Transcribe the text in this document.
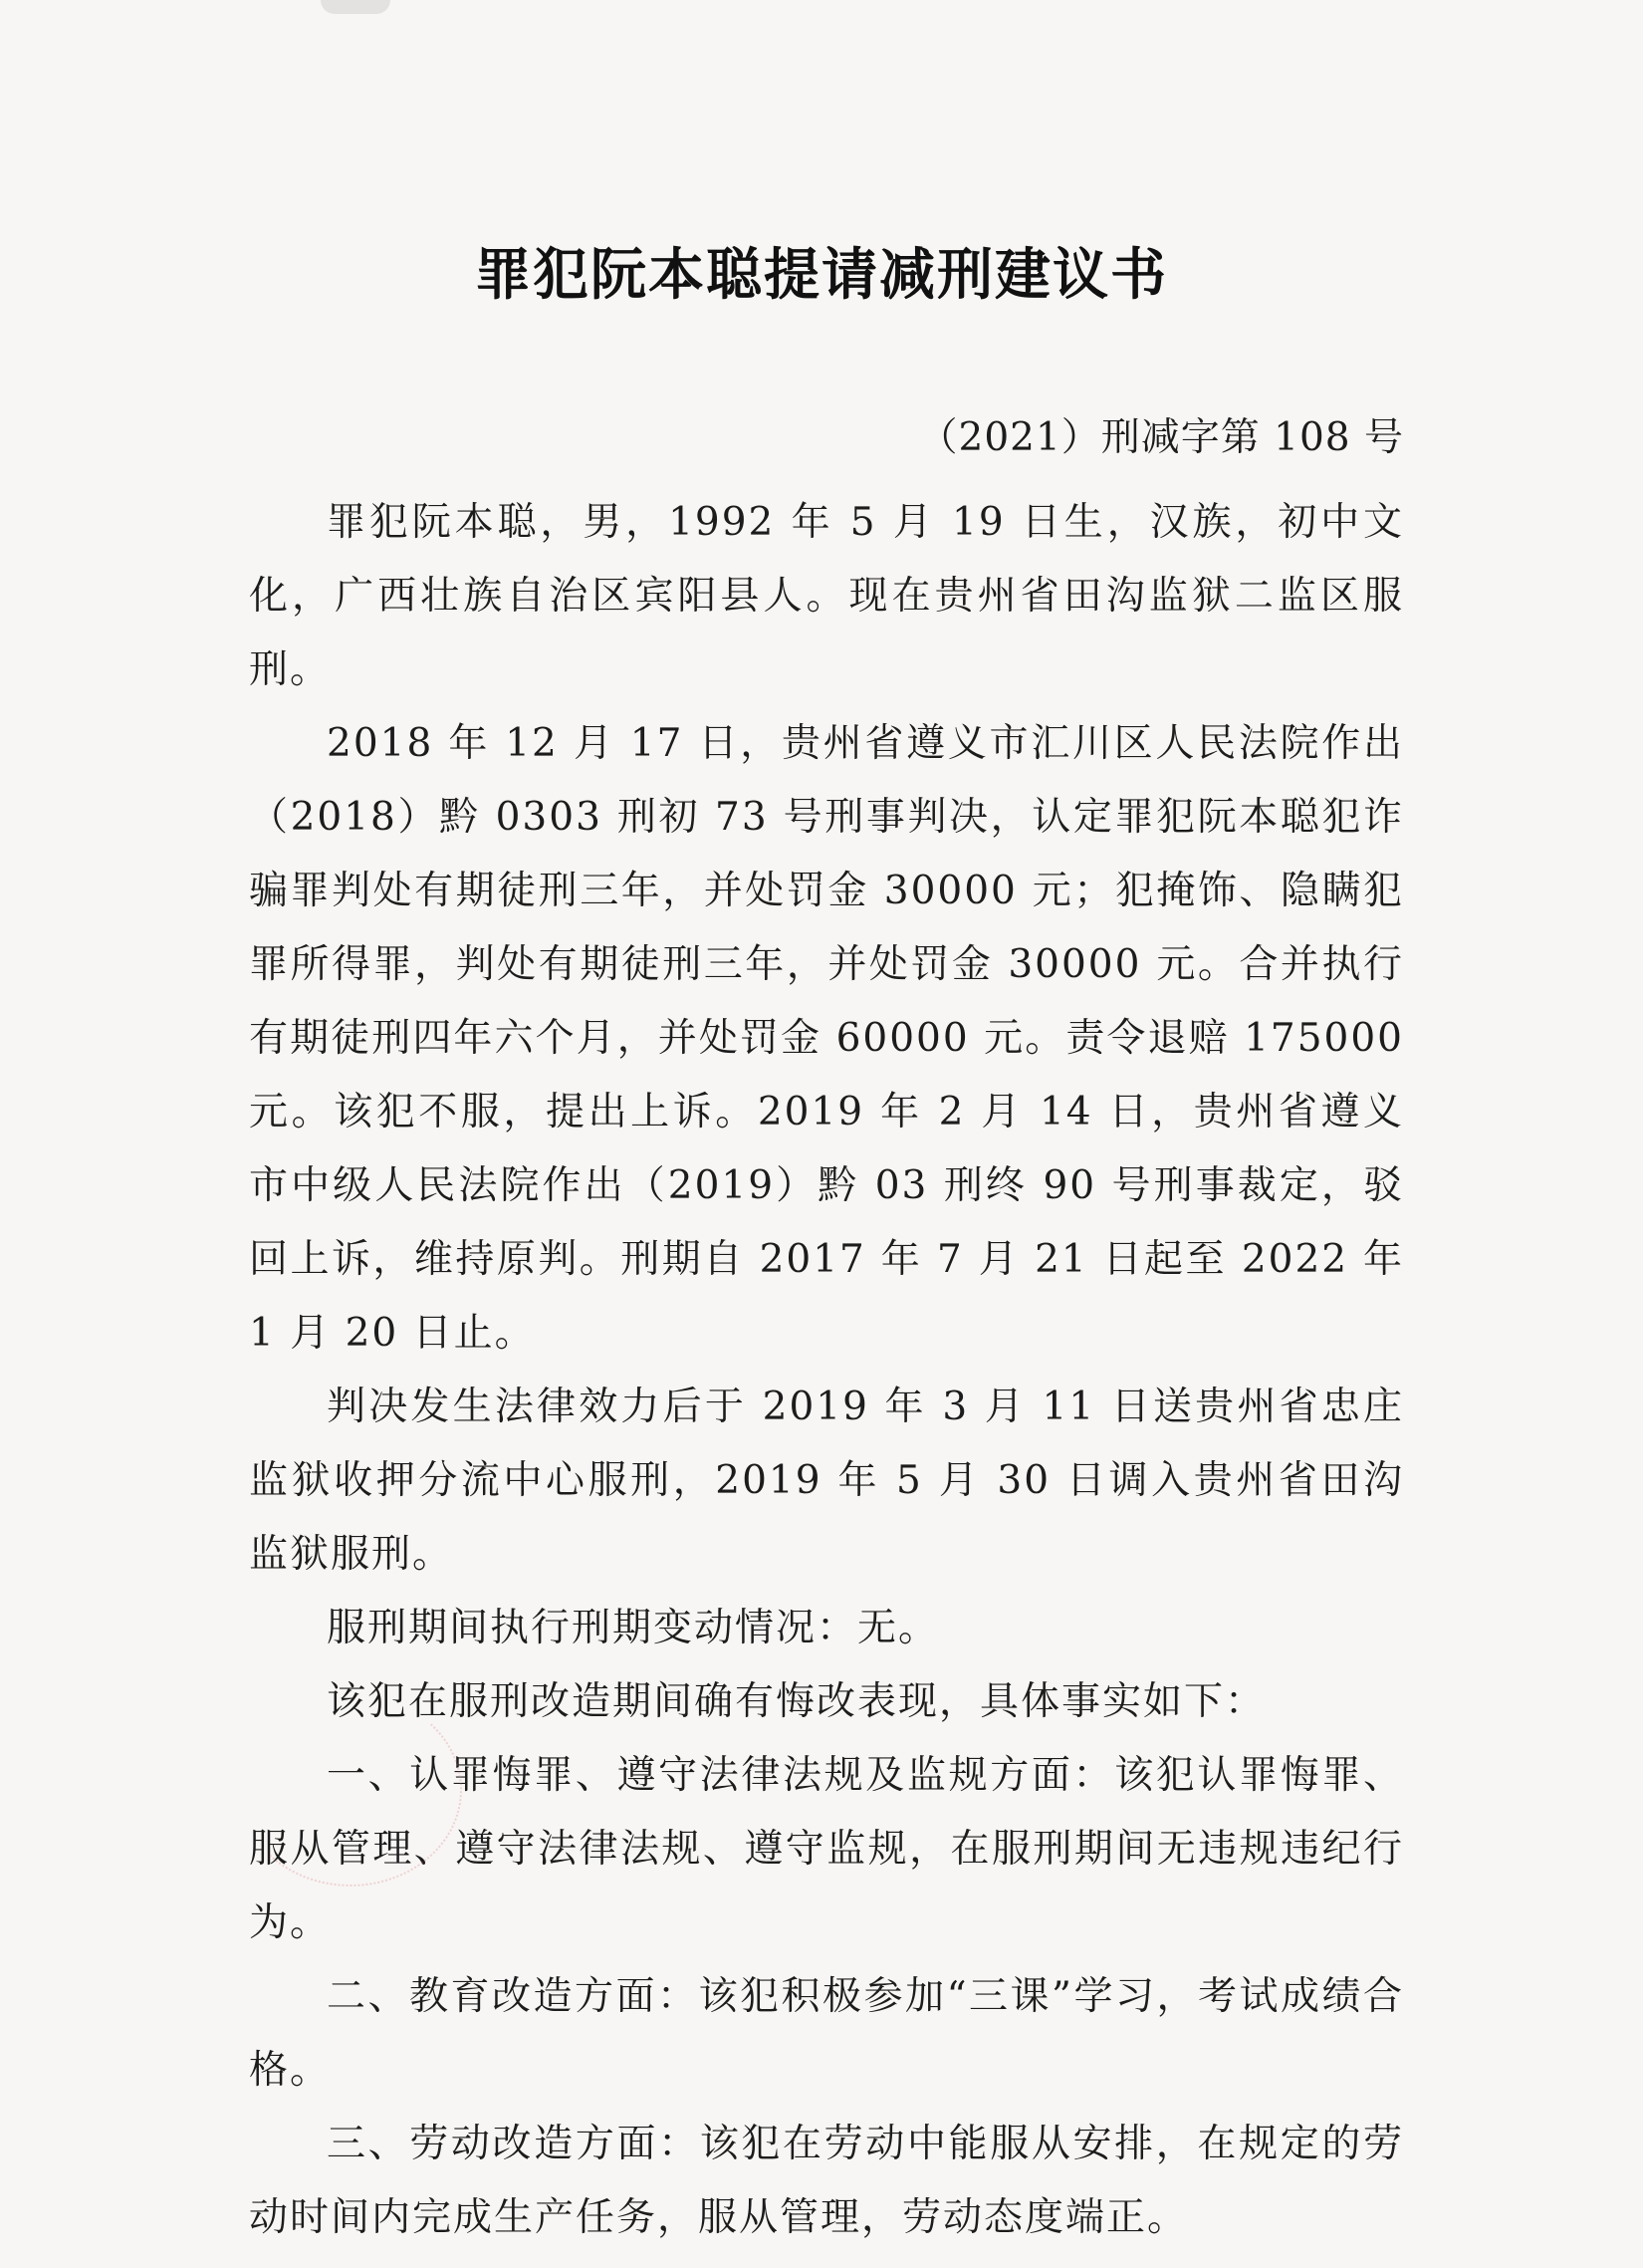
罪犯阮本聪提请减刑建议书
（2021）刑减字第 108 号

罪犯阮本聪，男，1992 年 5 月 19 日生，汉族，初中文化，广西壮族自治区宾阳县人。现在贵州省田沟监狱二监区服刑。

2018 年 12 月 17 日，贵州省遵义市汇川区人民法院作出（2018）黔 0303 刑初 73 号刑事判决，认定罪犯阮本聪犯诈骗罪判处有期徒刑三年，并处罚金 30000 元；犯掩饰、隐瞒犯罪所得罪，判处有期徒刑三年，并处罚金 30000 元。合并执行有期徒刑四年六个月，并处罚金 60000 元。责令退赔 175000 元。该犯不服，提出上诉。2019 年 2 月 14 日，贵州省遵义市中级人民法院作出（2019）黔 03 刑终 90 号刑事裁定，驳回上诉，维持原判。刑期自 2017 年 7 月 21 日起至 2022 年 1 月 20 日止。

判决发生法律效力后于 2019 年 3 月 11 日送贵州省忠庄监狱收押分流中心服刑，2019 年 5 月 30 日调入贵州省田沟监狱服刑。

服刑期间执行刑期变动情况：无。

该犯在服刑改造期间确有悔改表现，具体事实如下：

一、认罪悔罪、遵守法律法规及监规方面：该犯认罪悔罪、服从管理、遵守法律法规、遵守监规，在服刑期间无违规违纪行为。

二、教育改造方面：该犯积极参加“三课”学习，考试成绩合格。

三、劳动改造方面：该犯在劳动中能服从安排，在规定的劳动时间内完成生产任务，服从管理，劳动态度端正。
